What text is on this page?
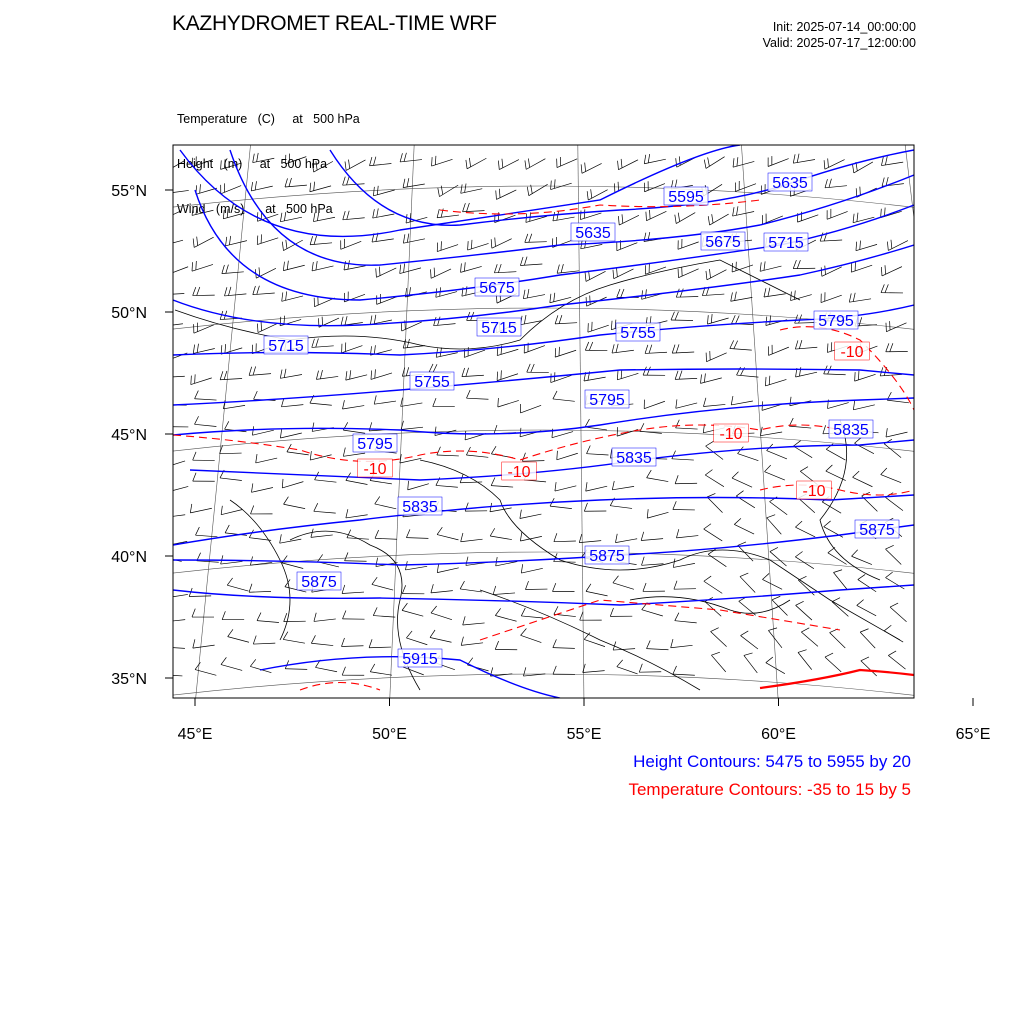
KAZHYDROMET REAL-TIME WRF	Init: 2025-07-14_00:00:00
Valid: 2025-07-17_12:00:00

Temperature (C) at   500 hPa

Height (m) at   500 hPa

Wind (m/s) at   500 hPa

45°E	50°E	55°E	60°E	65°E
55°N
50°N
45°N
40°N
35°N
5595
5635
5635
5675
5675
5715
5715
5715
5755
5755
5795
5795
5795
5835
5835
5835
5875
5875
5875
5915
-10
-10	-10
-10
-10
Height Contours: 5475 to 5955 by 20
Temperature Contours: -35 to 15 by 5
